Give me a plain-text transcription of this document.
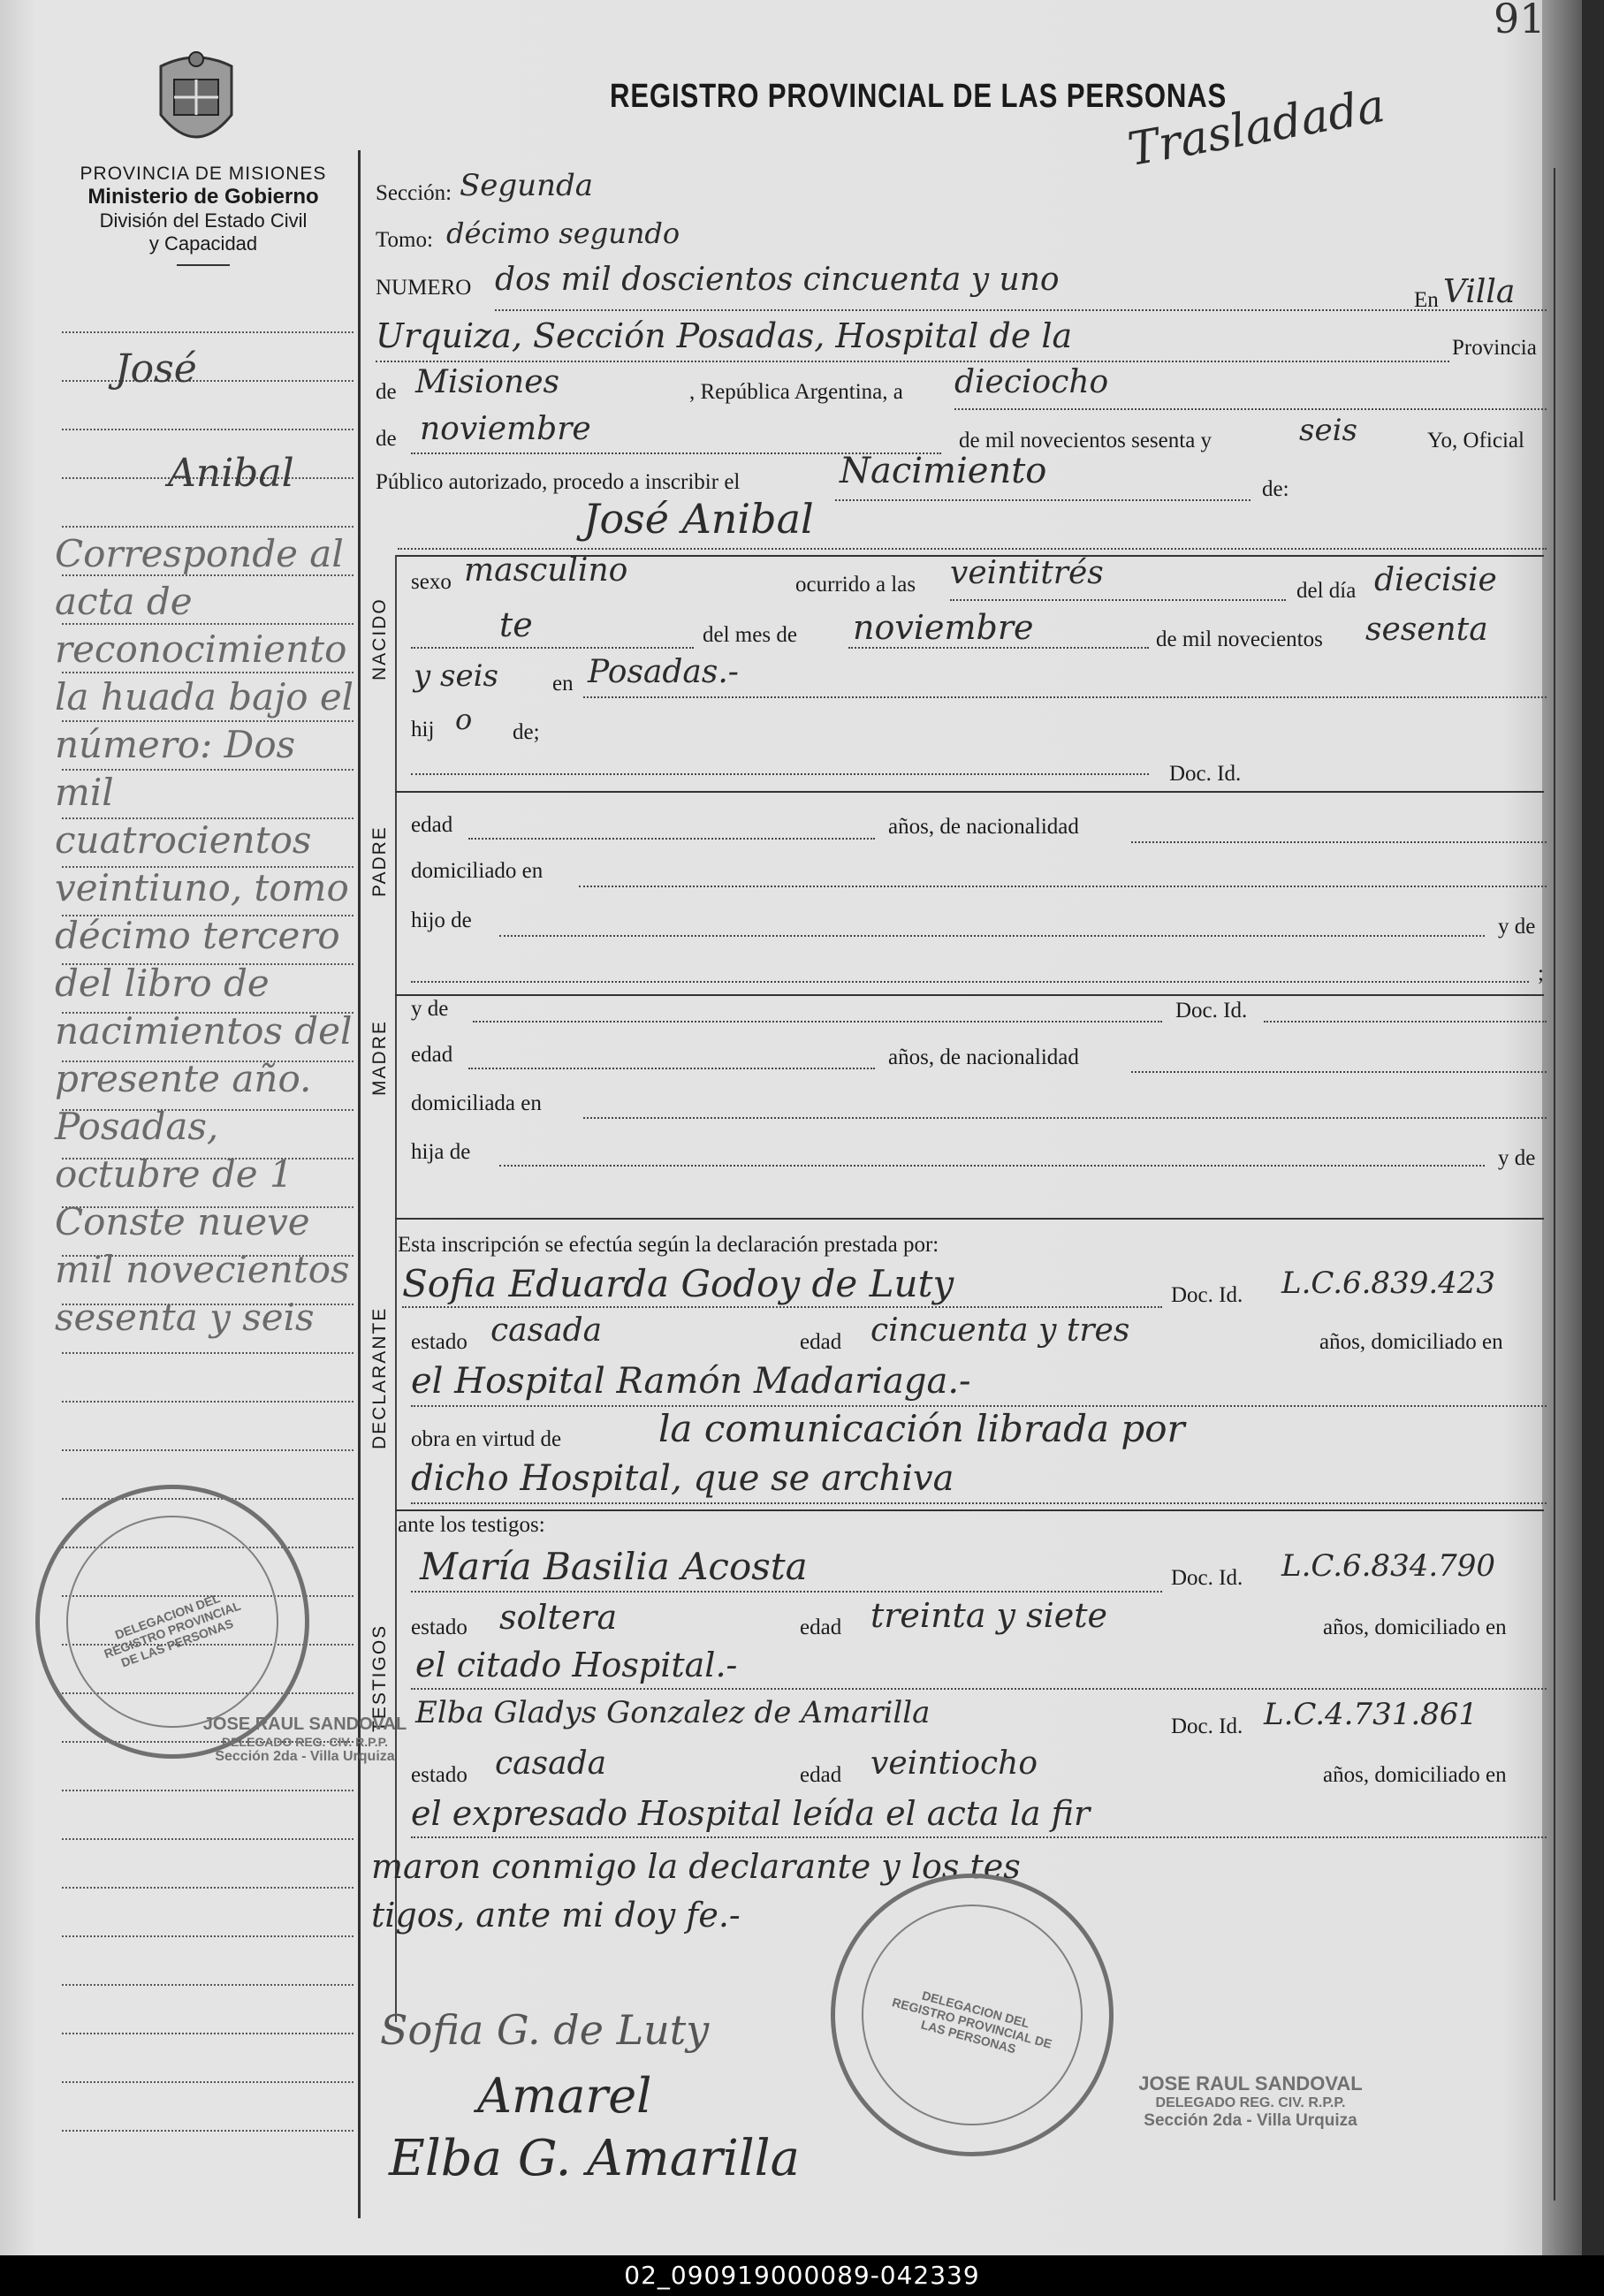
91
PROVINCIA DE MISIONES
Ministerio de Gobierno
División del Estado Civil
y Capacidad
REGISTRO PROVINCIAL DE LAS PERSONAS
Trasladada
José
Anibal
Corresponde al acta de reconocimiento la huada bajo el número: Dos mil cuatrocientos veintiuno, tomo décimo tercero del libro de nacimientos del presente año. Posadas, octubre de 1 Conste nueve mil novecientos sesenta y seis
Sección: Segunda
Tomo: décimo segundo
NUMERO dos mil doscientos cincuenta y uno
En Villa
Urquiza, Sección Posadas, Hospital de la	Provincia
de Misiones	, República Argentina, a dieciocho
de noviembre	de mil novecientos sesenta y	seis	Yo, Oficial
Público autorizado, procedo a inscribir el	Nacimiento	de:
José Anibal
NACIDO
sexo masculino	ocurrido a las veintitrés	del día diecisie
te	del mes de noviembre	de mil novecientos sesenta
y seis en Posadas.-
hij o de;
Doc. Id.
PADRE
edad	años, de nacionalidad
domiciliado en
hijo de	y de
;
MADRE
y de	Doc. Id.
edad	años, de nacionalidad
domiciliada en
hija de	y de
Esta inscripción se efectúa según la declaración prestada por:
DECLARANTE
Sofia Eduarda Godoy de Luty	Doc. Id. L.C.6.839.423
estado casada	edad cincuenta y tres	años, domiciliado en
el Hospital Ramón Madariaga.-
obra en virtud de	la comunicación librada por
dicho Hospital, que se archiva
ante los testigos:
TESTIGOS
María Basilia Acosta	Doc. Id. L.C.6.834.790
estado soltera	edad treinta y siete	años, domiciliado en
el citado Hospital.-
Elba Gladys Gonzalez de Amarilla	Doc. Id. L.C.4.731.861
estado casada	edad veintiocho	años, domiciliado en
el expresado Hospital leída el acta la fir
maron conmigo la declarante y los tes
tigos, ante mi doy fe.-
DELEGACION DEL REGISTRO PROVINCIAL DE LAS PERSONAS
JOSE RAUL SANDOVAL
DELEGADO REG. CIV. R.P.P.
Sección 2da - Villa Urquiza
DELEGACION DEL REGISTRO PROVINCIAL DE LAS PERSONAS
JOSE RAUL SANDOVAL
DELEGADO REG. CIV. R.P.P.
Sección 2da - Villa Urquiza
Sofia G. de Luty
Amarel
Elba G. Amarilla
02_090919000089-042339
